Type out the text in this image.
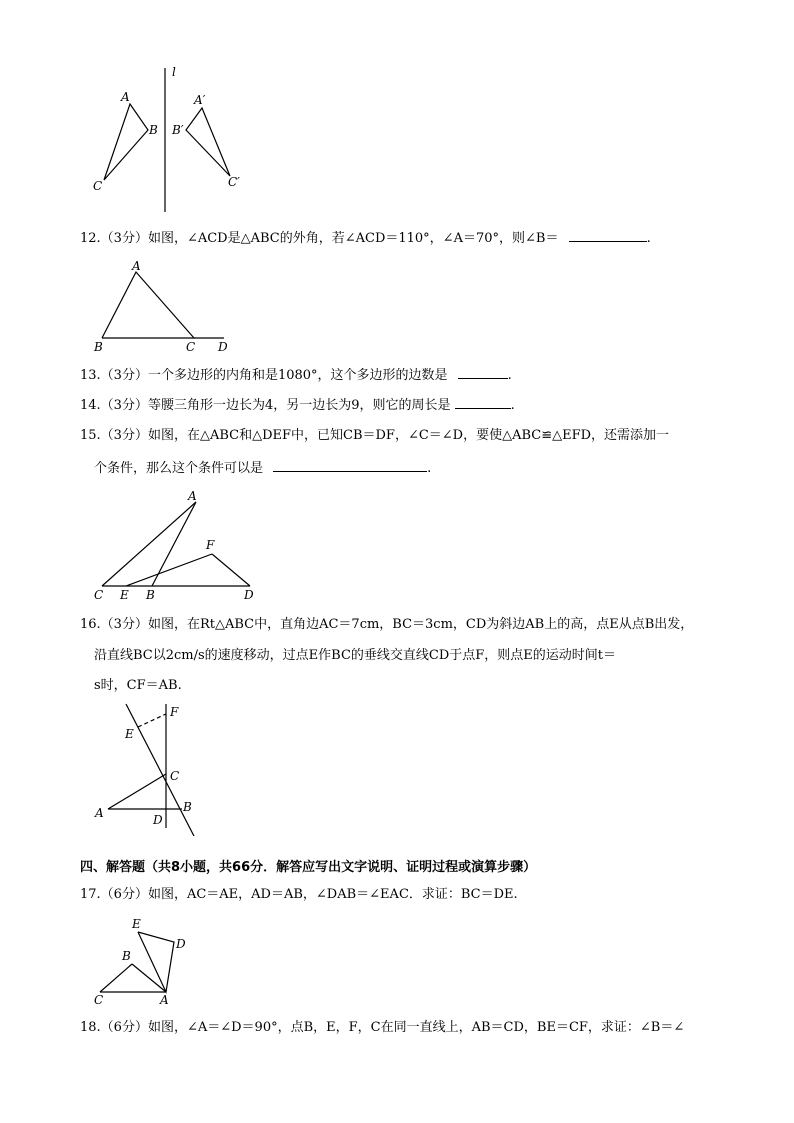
l
A
B
C
A′
B′
C′
12.（3分）如图，∠ACD是△ABC的外角，若∠ACD＝110°，∠A＝70°，则∠B＝	.
A
B	C D
13.（3分）一个多边形的内角和是1080°，这个多边形的边数是	.
14.（3分）等腰三角形一边长为4，另一边长为9，则它的周长是	.
15.（3分）如图，在△ABC和△DEF中，已知CB＝DF，∠C＝∠D，要使△ABC≌△EFD，还需添加一
个条件，那么这个条件可以是	.
A
F
C E B	D
16.（3分）如图，在Rt△ABC中，直角边AC＝7cm，BC＝3cm，CD为斜边AB上的高，点E从点B出发，
沿直线BC以2cm/s的速度移动，过点E作BC的垂线交直线CD于点F，则点E的运动时间t＝
s时，CF＝AB.
F
E
C
A	B
D
四、解答题（共8小题，共66分．解答应写出文字说明、证明过程或演算步骤）
17.（6分）如图，AC＝AE，AD＝AB，∠DAB＝∠EAC．求证：BC＝DE.
E
D
B
C	A
18.（6分）如图，∠A＝∠D＝90°，点B，E，F，C在同一直线上，AB＝CD，BE＝CF，求证：∠B＝∠
